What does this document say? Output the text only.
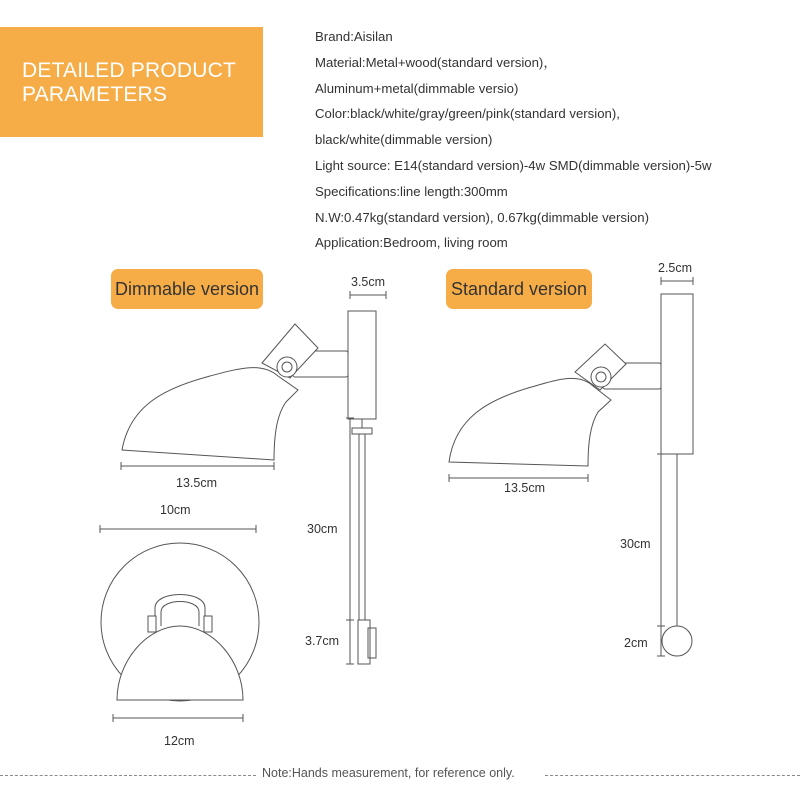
DETAILED PRODUCT
PARAMETERS
Brand:Aisilan
Material:Metal+wood(standard version)，
Aluminum+metal(dimmable versio)
Color:black/white/gray/green/pink(standard version),
black/white(dimmable version)
Light source: E14(standard version)-4w SMD(dimmable version)-5w
Specifications:line length:300mm
N.W:0.47kg(standard version), 0.67kg(dimmable version)
Application:Bedroom, living room
Dimmable version	Standard version
3.5cm
13.5cm
30cm
3.7cm
10cm
12cm
2.5cm
13.5cm
30cm
2cm
Note:Hands measurement, for reference only.
